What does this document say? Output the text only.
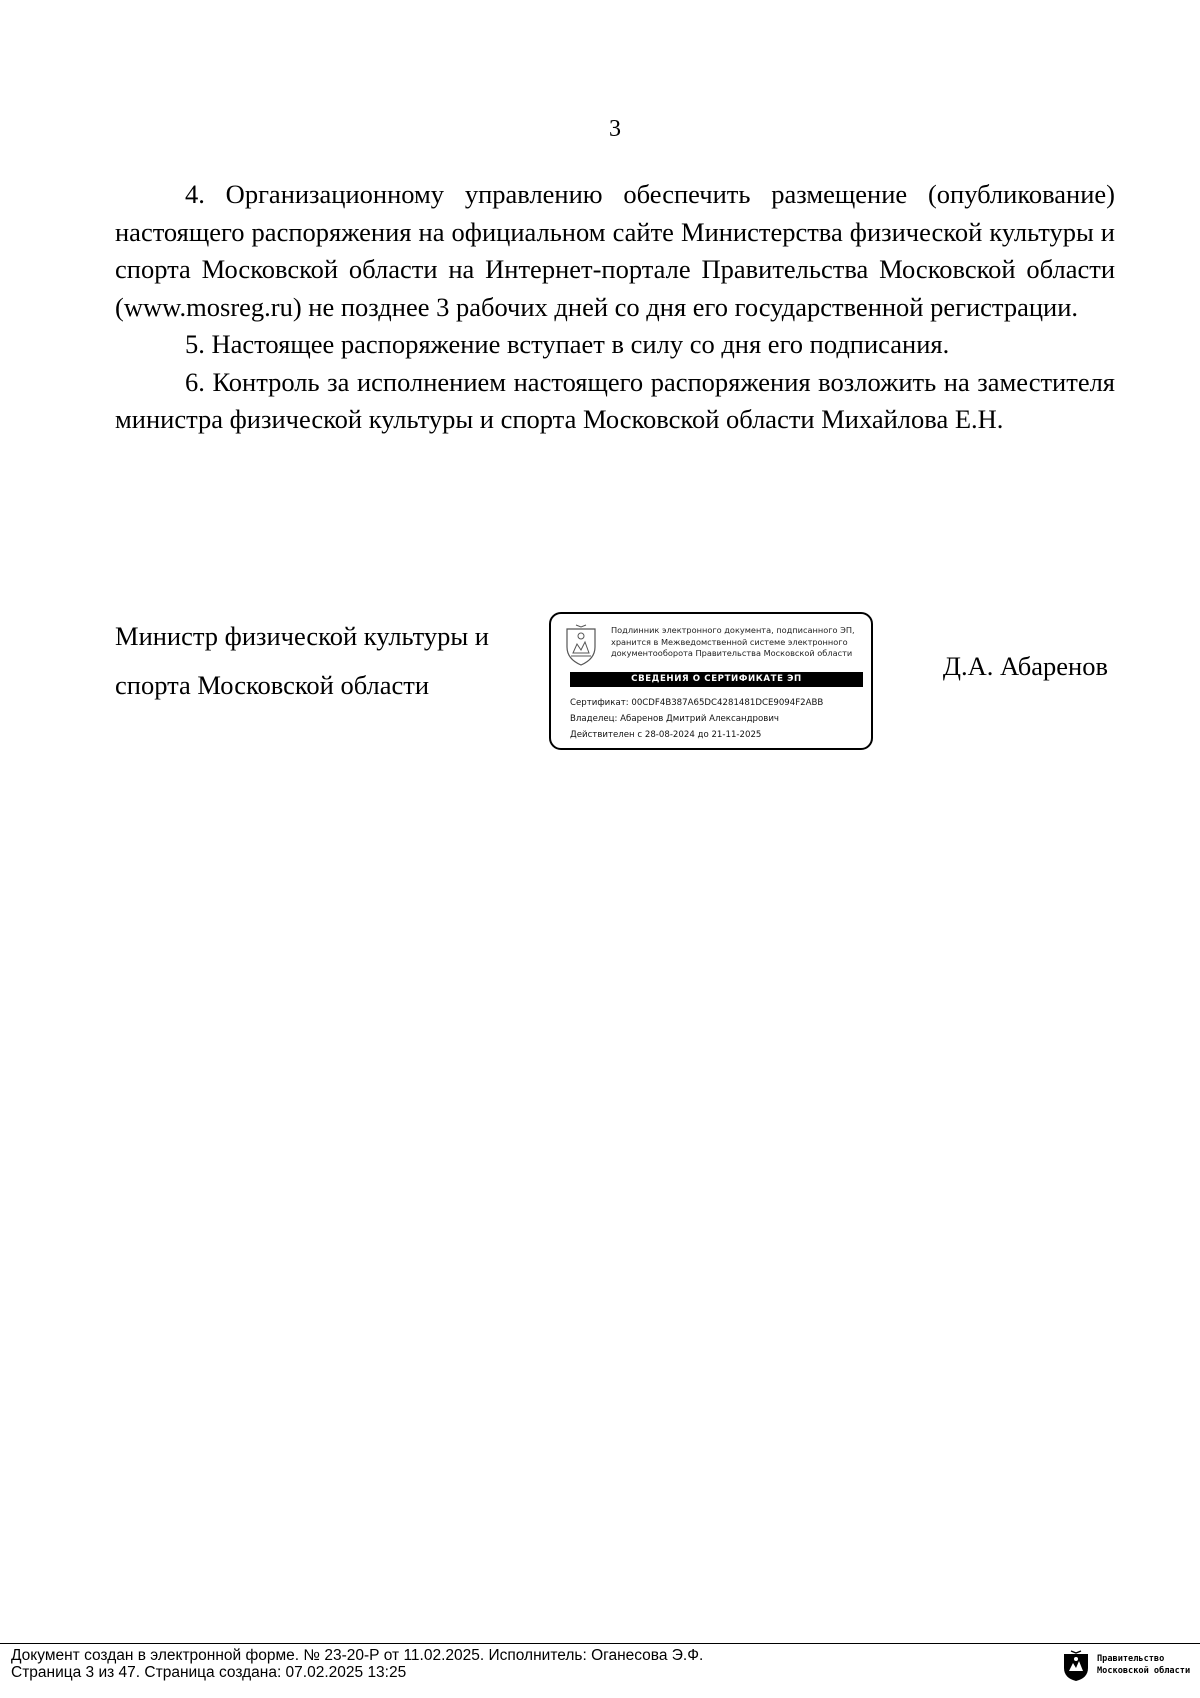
3

4. Организационному управлению обеспечить размещение (опубликование) настоящего распоряжения на официальном сайте Министерства физической культуры и спорта Московской области на Интернет-портале Правительства Московской области (www.mosreg.ru) не позднее 3 рабочих дней со дня его государственной регистрации.

5. Настоящее распоряжение вступает в силу со дня его подписания.

6. Контроль за исполнением настоящего распоряжения возложить на заместителя министра физической культуры и спорта Московской области Михайлова Е.Н.

Министр физической культуры и
спорта Московской области
Подлинник электронного документа, подписанного ЭП,
хранится в Межведомственной системе электронного
документооборота Правительства Московской области
СВЕДЕНИЯ О СЕРТИФИКАТЕ ЭП
Сертификат: 00CDF4B387A65DC4281481DCE9094F2ABB
Владелец: Абаренов Дмитрий Александрович
Действителен с 28-08-2024 до 21-11-2025
Д.А. Абаренов
Документ создан в электронной форме. № 23-20-Р от 11.02.2025. Исполнитель: Оганесова Э.Ф.
Страница 3 из 47. Страница создана: 07.02.2025 13:25
Правительство
Московской области
